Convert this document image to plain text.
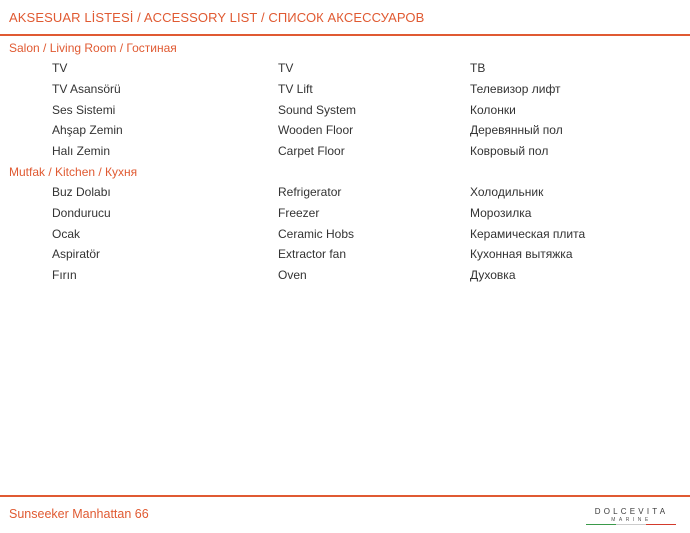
AKSESUAR LİSTESİ / ACCESSORY LIST / СПИСОК АКСЕССУАРОВ
Salon / Living Room / Гостиная
TV	TV	ТВ
TV Asansörü	TV Lift	Телевизор лифт
Ses Sistemi	Sound System	Колонки
Ahşap Zemin	Wooden Floor	Деревянный пол
Halı Zemin	Carpet Floor	Ковровый пол
Mutfak / Kitchen / Кухня
Buz Dolabı	Refrigerator	Холодильник
Dondurucu	Freezer	Морозилка
Ocak	Ceramic Hobs	Керамическая плита
Aspiratör	Extractor fan	Кухонная вытяжка
Fırın	Oven	Духовка
Sunseeker Manhattan 66	DOLCEVITA
MARINE
